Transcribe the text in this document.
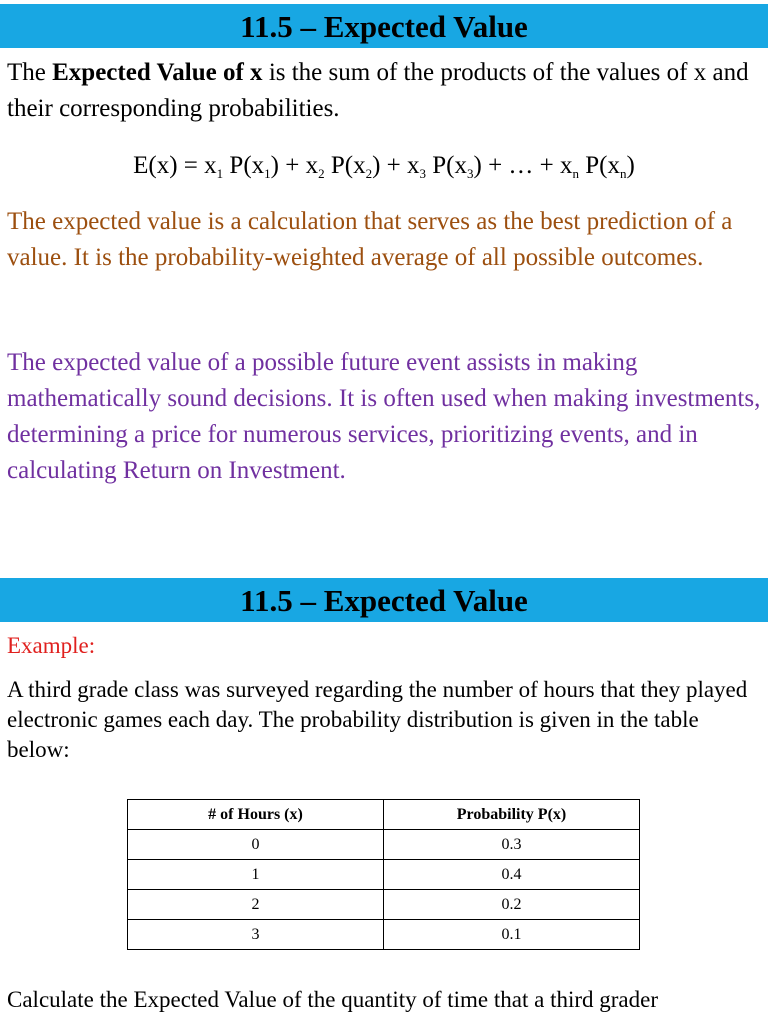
11.5 – Expected Value

The Expected Value of x is the sum of the products of the values of x and their corresponding probabilities.

$E(x) = x_1$ $P(x_1) + x_2$ $P(x_2) + x_3$ $P(x_3)$ + … + $x_n$ $P(x_n)$

The expected value is a calculation that serves as the best prediction of a value. It is the probability-weighted average of all possible outcomes.

The expected value of a possible future event assists in making mathematically sound decisions. It is often used when making investments, determining a price for numerous services, prioritizing events, and in calculating Return on Investment.

11.5 – Expected Value

Example:

A third grade class was surveyed regarding the number of hours that they played electronic games each day. The probability distribution is given in the table below:

# of Hours (x)	Probability P(x)
0	0.3
1	0.4
2	0.2
3	0.1

Calculate the Expected Value of the quantity of time that a third grader
